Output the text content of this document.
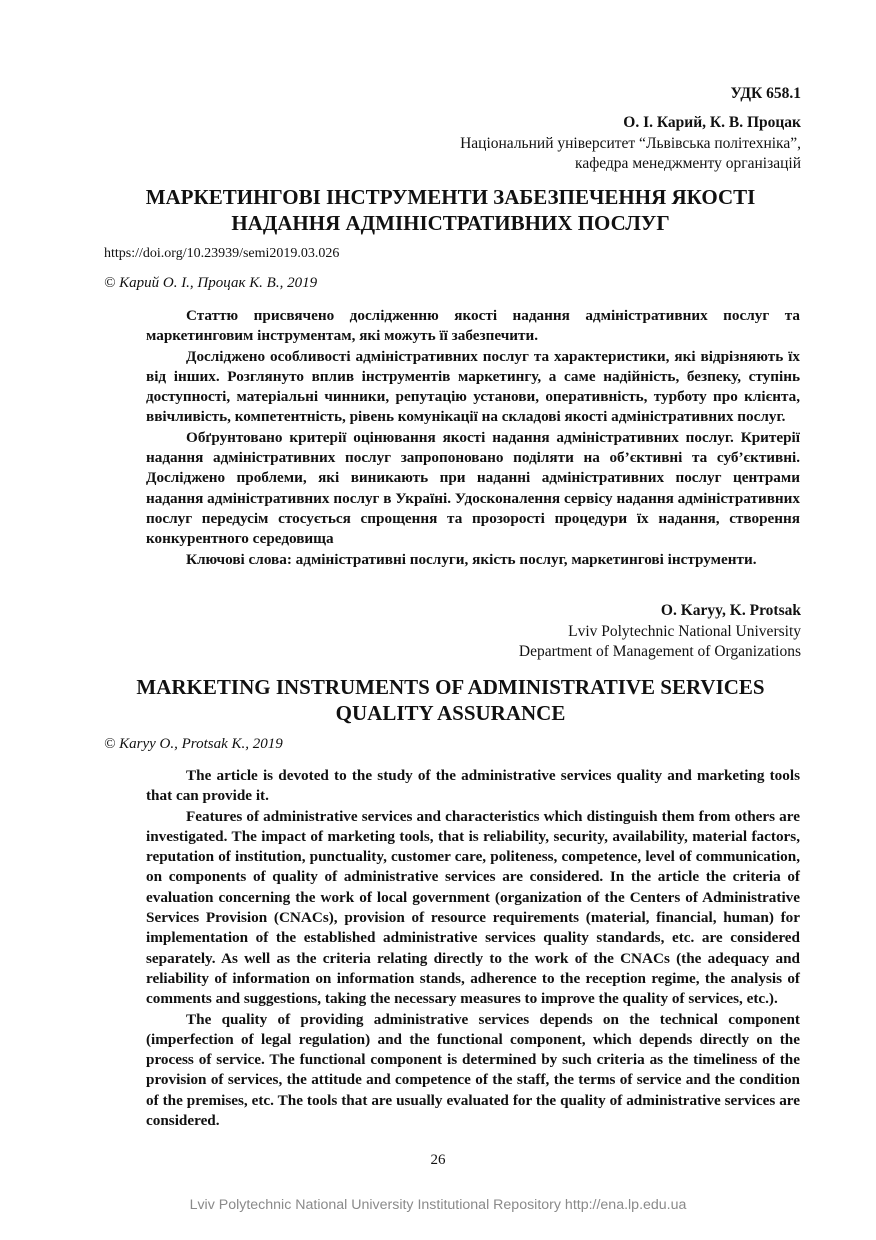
УДК 658.1
О. І. Карий, К. В. Процак
Національний університет “Львівська політехніка”,
кафедра менеджменту організацій
МАРКЕТИНГОВІ ІНСТРУМЕНТИ ЗАБЕЗПЕЧЕННЯ ЯКОСТІ
НАДАННЯ АДМІНІСТРАТИВНИХ ПОСЛУГ
https://doi.org/10.23939/semi2019.03.026
© Карий О. І., Процак К. В., 2019

Статтю присвячено дослідженню якості надання адміністративних послуг та маркетинговим інструментам, які можуть її забезпечити.

Досліджено особливості адміністративних послуг та характеристики, які відрізняють їх від інших. Розглянуто вплив інструментів маркетингу, а саме надійність, безпеку, ступінь доступності, матеріальні чинники, репутацію установи, оперативність, турботу про клієнта, ввічливість, компетентність, рівень комунікації на складові якості адміністративних послуг.

Обґрунтовано критерії оцінювання якості надання адміністративних послуг. Критерії надання адміністративних послуг запропоновано поділяти на об’єктивні та суб’єктивні. Досліджено проблеми, які виникають при наданні адміністративних послуг центрами надання адміністративних послуг в Україні. Удосконалення сервісу надання адміністративних послуг передусім стосується спрощення та прозорості процедури їх надання, створення конкурентного середовища

Ключові слова: адміністративні послуги, якість послуг, маркетингові інструменти.

O. Karyy, K. Protsak
Lviv Polytechnic National University
Department of Management of Organizations
MARKETING INSTRUMENTS OF ADMINISTRATIVE SERVICES
QUALITY ASSURANCE
© Karyy O., Protsak K., 2019

The article is devoted to the study of the administrative services quality and marketing tools that can provide it.

Features of administrative services and characteristics which distinguish them from others are investigated. The impact of marketing tools, that is reliability, security, availability, material factors, reputation of institution, punctuality, customer care, politeness, competence, level of communication, on components of quality of administrative services are considered. In the article the criteria of evaluation concerning the work of local government (organization of the Centers of Administrative Services Provision (CNACs), provision of resource requirements (material, financial, human) for implementation of the established administrative services quality standards, etc. are considered separately. As well as the criteria relating directly to the work of the CNACs (the adequacy and reliability of information on information stands, adherence to the reception regime, the analysis of comments and suggestions, taking the necessary measures to improve the quality of services, etc.).

The quality of providing administrative services depends on the technical component (imperfection of legal regulation) and the functional component, which depends directly on the process of service. The functional component is determined by such criteria as the timeliness of the provision of services, the attitude and competence of the staff, the terms of service and the condition of the premises, etc. The tools that are usually evaluated for the quality of administrative services are considered.

26
Lviv Polytechnic National University Institutional Repository http://ena.lp.edu.ua
